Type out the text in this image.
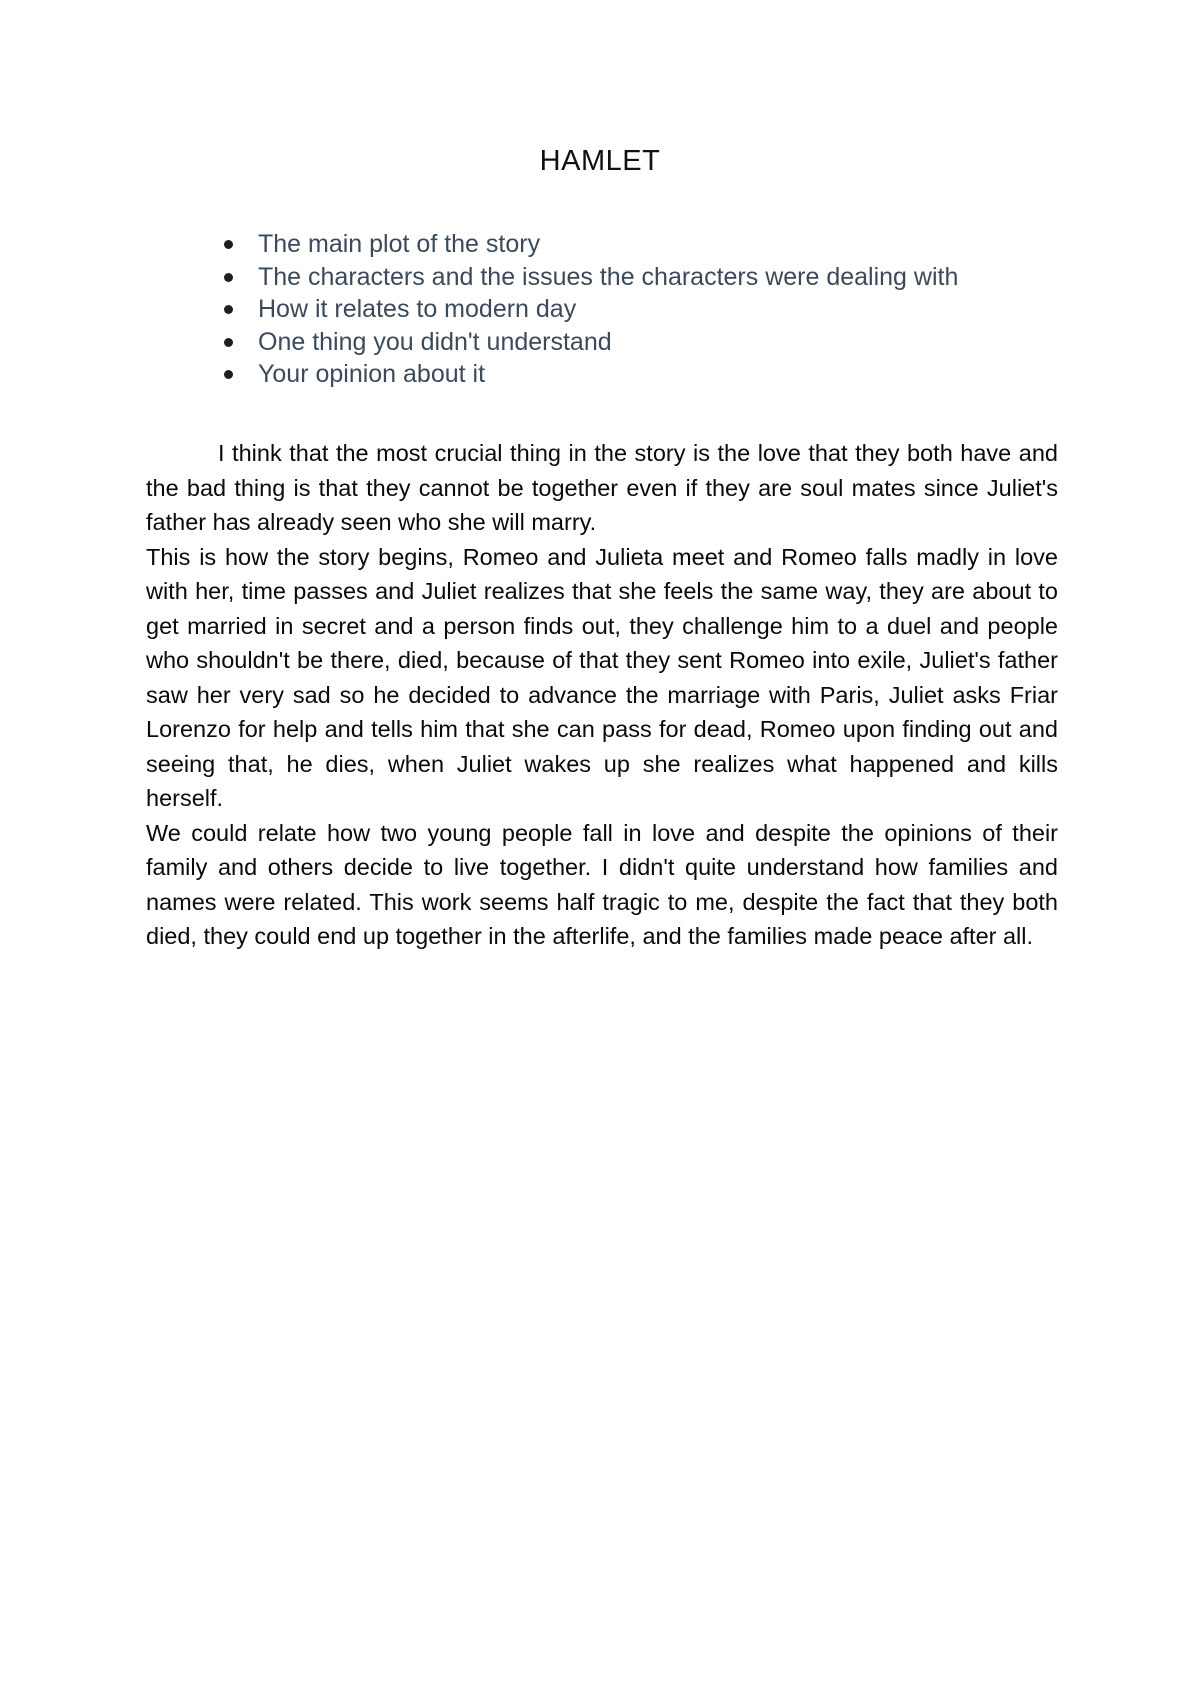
HAMLET
The main plot of the story
The characters and the issues the characters were dealing with
How it relates to modern day
One thing you didn't understand
Your opinion about it

I think that the most crucial thing in the story is the love that they both have and the bad thing is that they cannot be together even if they are soul mates since Juliet's father has already seen who she will marry.

This is how the story begins, Romeo and Julieta meet and Romeo falls madly in love with her, time passes and Juliet realizes that she feels the same way, they are about to get married in secret and a person finds out, they challenge him to a duel and people who shouldn't be there, died, because of that they sent Romeo into exile, Juliet's father saw her very sad so he decided to advance the marriage with Paris, Juliet asks Friar Lorenzo for help and tells him that she can pass for dead, Romeo upon finding out and seeing that, he dies, when Juliet wakes up she realizes what happened and kills herself.

We could relate how two young people fall in love and despite the opinions of their family and others decide to live together. I didn't quite understand how families and names were related. This work seems half tragic to me, despite the fact that they both died, they could end up together in the afterlife, and the families made peace after all.
